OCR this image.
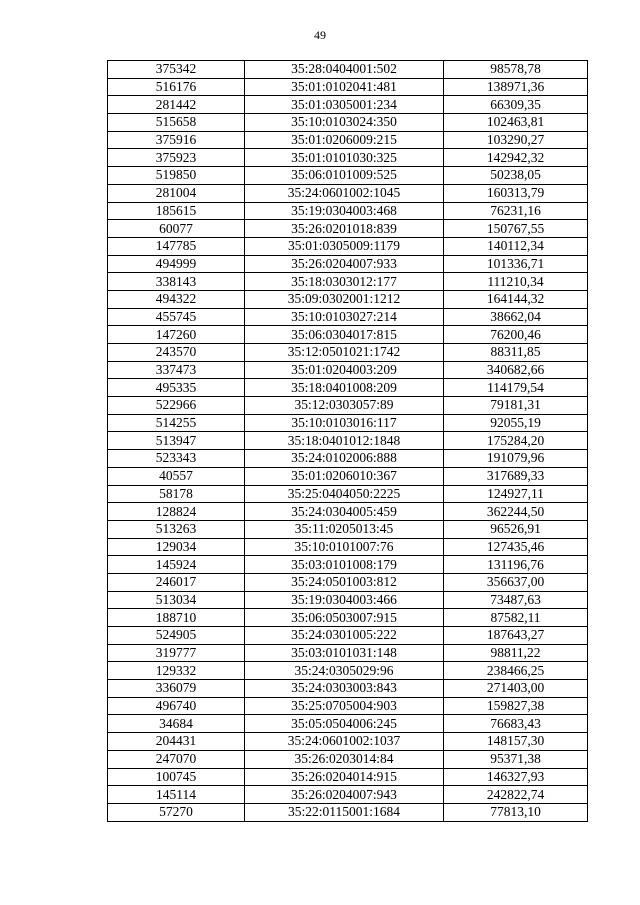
49
375342	35:28:0404001:502	98578,78
516176	35:01:0102041:481	138971,36
281442	35:01:0305001:234	66309,35
515658	35:10:0103024:350	102463,81
375916	35:01:0206009:215	103290,27
375923	35:01:0101030:325	142942,32
519850	35:06:0101009:525	50238,05
281004	35:24:0601002:1045	160313,79
185615	35:19:0304003:468	76231,16
60077	35:26:0201018:839	150767,55
147785	35:01:0305009:1179	140112,34
494999	35:26:0204007:933	101336,71
338143	35:18:0303012:177	111210,34
494322	35:09:0302001:1212	164144,32
455745	35:10:0103027:214	38662,04
147260	35:06:0304017:815	76200,46
243570	35:12:0501021:1742	88311,85
337473	35:01:0204003:209	340682,66
495335	35:18:0401008:209	114179,54
522966	35:12:0303057:89	79181,31
514255	35:10:0103016:117	92055,19
513947	35:18:0401012:1848	175284,20
523343	35:24:0102006:888	191079,96
40557	35:01:0206010:367	317689,33
58178	35:25:0404050:2225	124927,11
128824	35:24:0304005:459	362244,50
513263	35:11:0205013:45	96526,91
129034	35:10:0101007:76	127435,46
145924	35:03:0101008:179	131196,76
246017	35:24:0501003:812	356637,00
513034	35:19:0304003:466	73487,63
188710	35:06:0503007:915	87582,11
524905	35:24:0301005:222	187643,27
319777	35:03:0101031:148	98811,22
129332	35:24:0305029:96	238466,25
336079	35:24:0303003:843	271403,00
496740	35:25:0705004:903	159827,38
34684	35:05:0504006:245	76683,43
204431	35:24:0601002:1037	148157,30
247070	35:26:0203014:84	95371,38
100745	35:26:0204014:915	146327,93
145114	35:26:0204007:943	242822,74
57270	35:22:0115001:1684	77813,10
